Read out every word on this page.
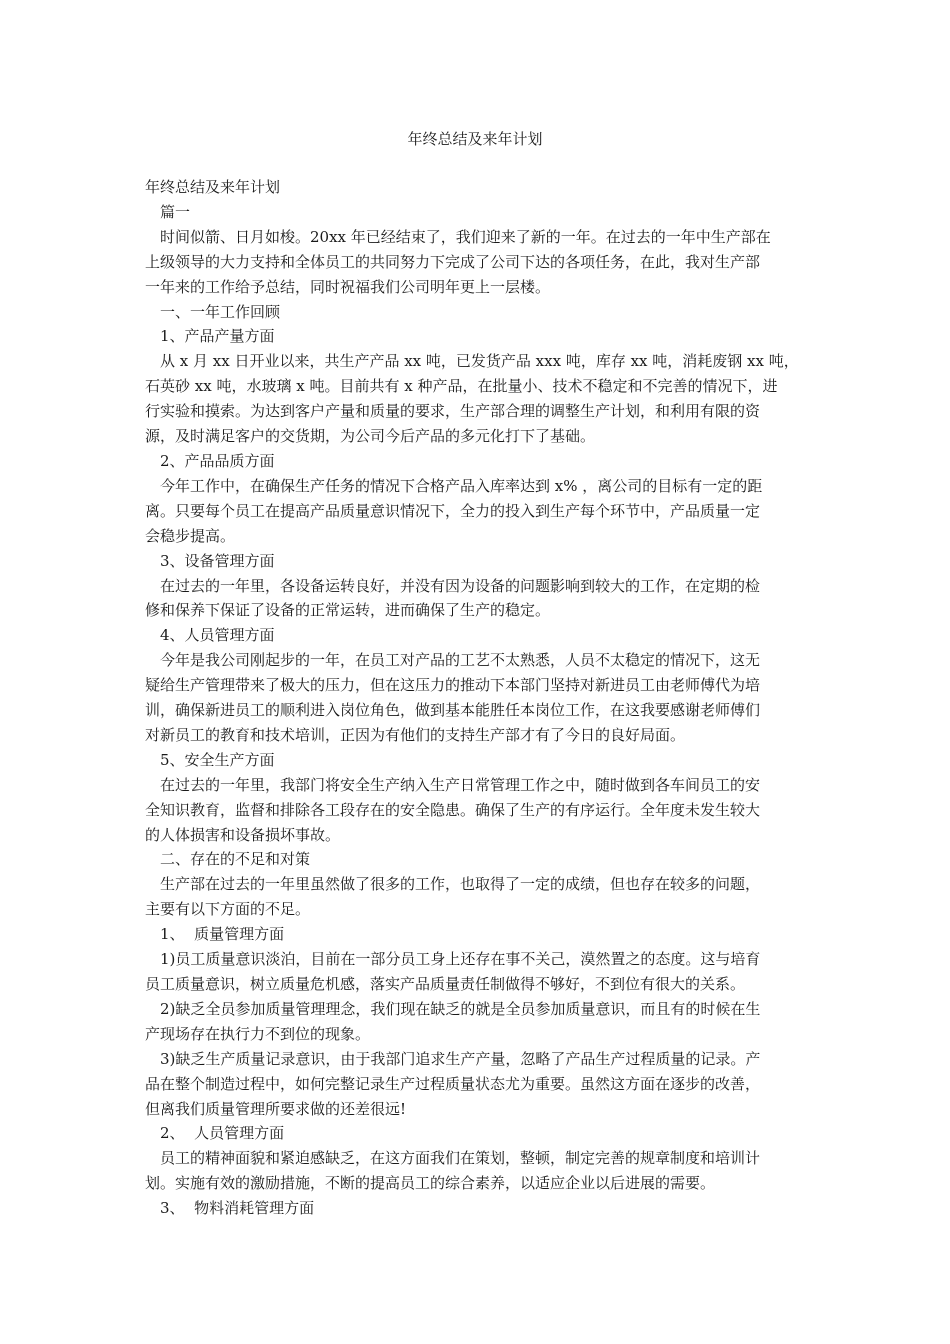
年终总结及来年计划

年终总结及来年计划

篇一

时间似箭、日月如梭。20xx 年已经结束了，我们迎来了新的一年。在过去的一年中生产部在

上级领导的大力支持和全体员工的共同努力下完成了公司下达的各项任务，在此，我对生产部

一年来的工作给予总结，同时祝福我们公司明年更上一层楼。

一、一年工作回顾

1、产品产量方面

从 x 月 xx 日开业以来，共生产产品 xx 吨，已发货产品 xxx 吨，库存 xx 吨，消耗废钢 xx 吨，

石英砂 xx 吨，水玻璃 x 吨。目前共有 x 种产品，在批量小、技术不稳定和不完善的情况下，进

行实验和摸索。为达到客户产量和质量的要求，生产部合理的调整生产计划，和利用有限的资

源，及时满足客户的交货期，为公司今后产品的多元化打下了基础。

2、产品品质方面

今年工作中，在确保生产任务的情况下合格产品入库率达到 x% ，离公司的目标有一定的距

离。只要每个员工在提高产品质量意识情况下，全力的投入到生产每个环节中，产品质量一定

会稳步提高。

3、设备管理方面

在过去的一年里，各设备运转良好，并没有因为设备的问题影响到较大的工作，在定期的检

修和保养下保证了设备的正常运转，进而确保了生产的稳定。

4、人员管理方面

今年是我公司刚起步的一年，在员工对产品的工艺不太熟悉，人员不太稳定的情况下，这无

疑给生产管理带来了极大的压力，但在这压力的推动下本部门坚持对新进员工由老师傅代为培

训，确保新进员工的顺利进入岗位角色，做到基本能胜任本岗位工作，在这我要感谢老师傅们

对新员工的教育和技术培训，正因为有他们的支持生产部才有了今日的良好局面。

5、安全生产方面

在过去的一年里，我部门将安全生产纳入生产日常管理工作之中，随时做到各车间员工的安

全知识教育，监督和排除各工段存在的安全隐患。确保了生产的有序运行。全年度未发生较大

的人体损害和设备损坏事故。

二、存在的不足和对策

生产部在过去的一年里虽然做了很多的工作，也取得了一定的成绩，但也存在较多的问题，

主要有以下方面的不足。

1、  质量管理方面

1)员工质量意识淡泊，目前在一部分员工身上还存在事不关己，漠然置之的态度。这与培育

员工质量意识，树立质量危机感，落实产品质量责任制做得不够好，不到位有很大的关系。

2)缺乏全员参加质量管理理念，我们现在缺乏的就是全员参加质量意识，而且有的时候在生

产现场存在执行力不到位的现象。

3)缺乏生产质量记录意识，由于我部门追求生产产量，忽略了产品生产过程质量的记录。产

品在整个制造过程中，如何完整记录生产过程质量状态尤为重要。虽然这方面在逐步的改善，

但离我们质量管理所要求做的还差很远!

2、  人员管理方面

员工的精神面貌和紧迫感缺乏，在这方面我们在策划，整顿，制定完善的规章制度和培训计

划。实施有效的激励措施，不断的提高员工的综合素养，以适应企业以后进展的需要。

3、  物料消耗管理方面
